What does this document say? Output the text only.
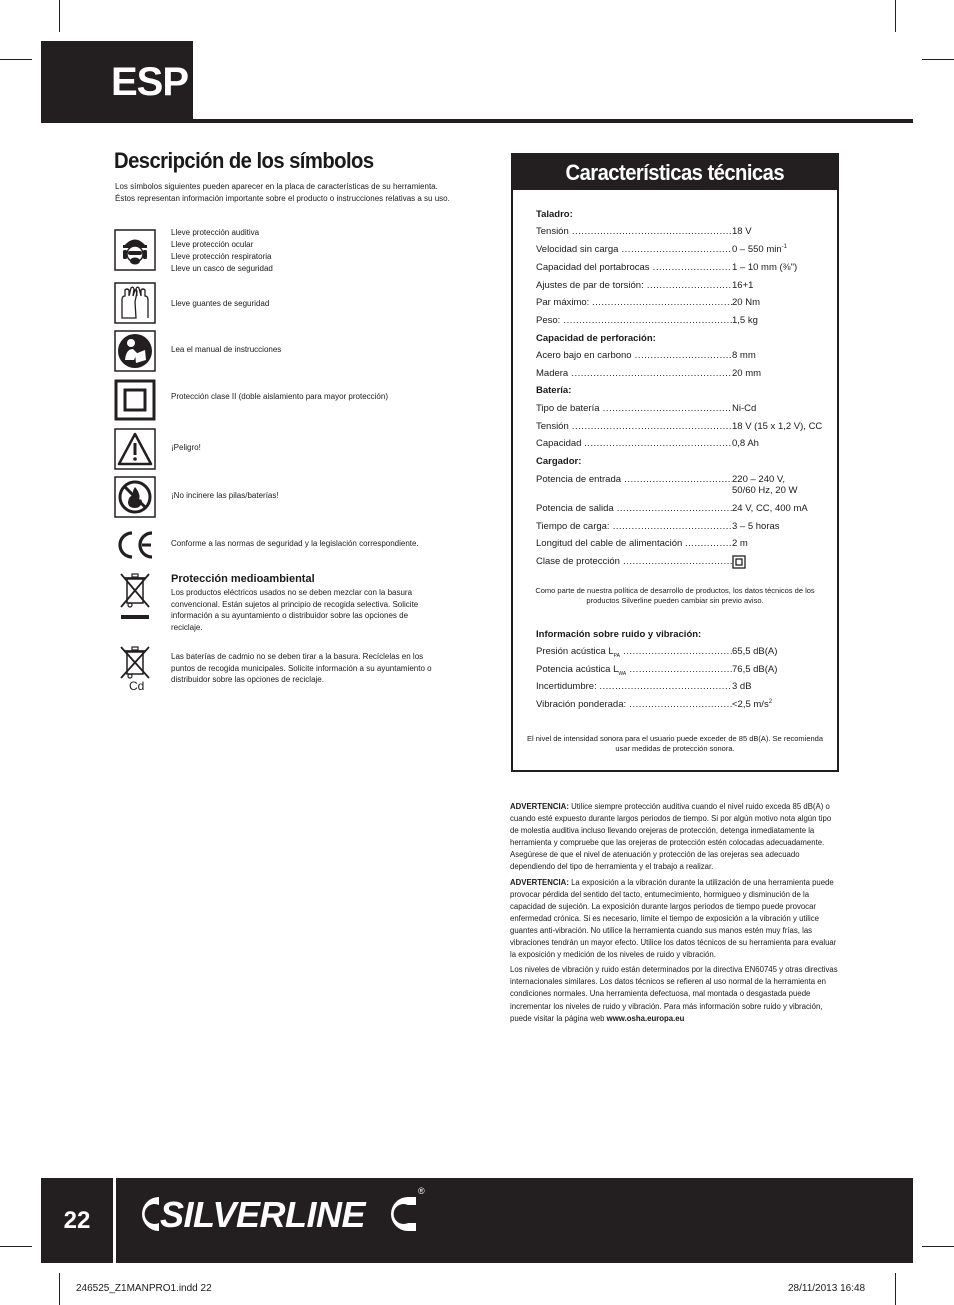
ESP
Descripción de los símbolos
Los símbolos siguientes pueden aparecer en la placa de características de su herramienta. Éstos representan información importante sobre el producto o instrucciones relativas a su uso.
Lleve protección auditiva
Lleve protección ocular
Lleve protección respiratoria
Lleve un casco de seguridad
Lleve guantes de seguridad
Lea el manual de instrucciones
Protección clase II (doble aislamiento para mayor protección)
¡Peligro!
¡No incinere las pilas/baterías!
Conforme a las normas de seguridad y la legislación correspondiente.
Protección medioambiental
Los productos eléctricos usados no se deben mezclar con la basura convencional. Están sujetos al principio de recogida selectiva. Solicite información a su ayuntamiento o distribuidor sobre las opciones de reciclaje.
Cd
Las baterías de cadmio no se deben tirar a la basura. Recíclelas en los puntos de recogida municipales. Solicite información a su ayuntamiento o distribuidor sobre las opciones de reciclaje.
Características técnicas
Taladro:
Tensión .....	18 V
Velocidad sin carga .....	0 – 550 $\min^{-1}$
Capacidad del portabrocas .....	1 – 10 mm (⅜")
Ajustes de par de torsión: .....	16+1
Par máximo: .....	20 Nm
Peso: .....	1,5 kg
Capacidad de perforación:
Acero bajo en carbono .....	8 mm
Madera .....	20 mm
Batería:
Tipo de batería .....	Ni-Cd
Tensión .....	18 V (15 x 1,2 V), CC
Capacidad .....	0,8 Ah
Cargador:
Potencia de entrada .....	220 – 240 V,
50/60 Hz, 20 W
Potencia de salida .....	24 V, CC, 400 mA
Tiempo de carga: .....	3 – 5 horas
Longitud del cable de alimentación .....	2 m
Clase de protección .....
Como parte de nuestra política de desarrollo de productos, los datos técnicos de los productos Silverline pueden cambiar sin previo aviso.
Información sobre ruido y vibración:
Presión acústica $L_{PA}$ .....	65,5 dB(A)
Potencia acústica $L_{WA}$ .....	76,5 dB(A)
Incertidumbre: .....	3 dB
Vibración ponderada: .....	<2,5 $m/s^2$
El nivel de intensidad sonora para el usuario puede exceder de 85 dB(A). Se recomienda usar medidas de protección sonora.

ADVERTENCIA: Utilice siempre protección auditiva cuando el nivel ruido exceda 85 dB(A) o cuando esté expuesto durante largos periodos de tiempo. Si por algún motivo nota algún tipo de molestia auditiva incluso llevando orejeras de protección, detenga inmediatamente la herramienta y compruebe que las orejeras de protección estén colocadas adecuadamente. Asegúrese de que el nivel de atenuación y protección de las orejeras sea adecuado dependiendo del tipo de herramienta y el trabajo a realizar.

ADVERTENCIA: La exposición a la vibración durante la utilización de una herramienta puede provocar pérdida del sentido del tacto, entumecimiento, hormigueo y disminución de la capacidad de sujeción. La exposición durante largos periodos de tiempo puede provocar enfermedad crónica. Si es necesario, limite el tiempo de exposición a la vibración y utilice guantes anti-vibración. No utilice la herramienta cuando sus manos estén muy frías, las vibraciones tendrán un mayor efecto. Utilice los datos técnicos de su herramienta para evaluar la exposición y medición de los niveles de ruido y vibración.

Los niveles de vibración y ruido están determinados por la directiva EN60745 y otras directivas internacionales similares. Los datos técnicos se refieren al uso normal de la herramienta en condiciones normales. Una herramienta defectuosa, mal montada o desgastada puede incrementar los niveles de ruido y vibración. Para más información sobre ruido y vibración, puede visitar la página web www.osha.europa.eu

22	SILVERLINE
®
246525_Z1MANPRO1.indd 22	28/11/2013 16:48
